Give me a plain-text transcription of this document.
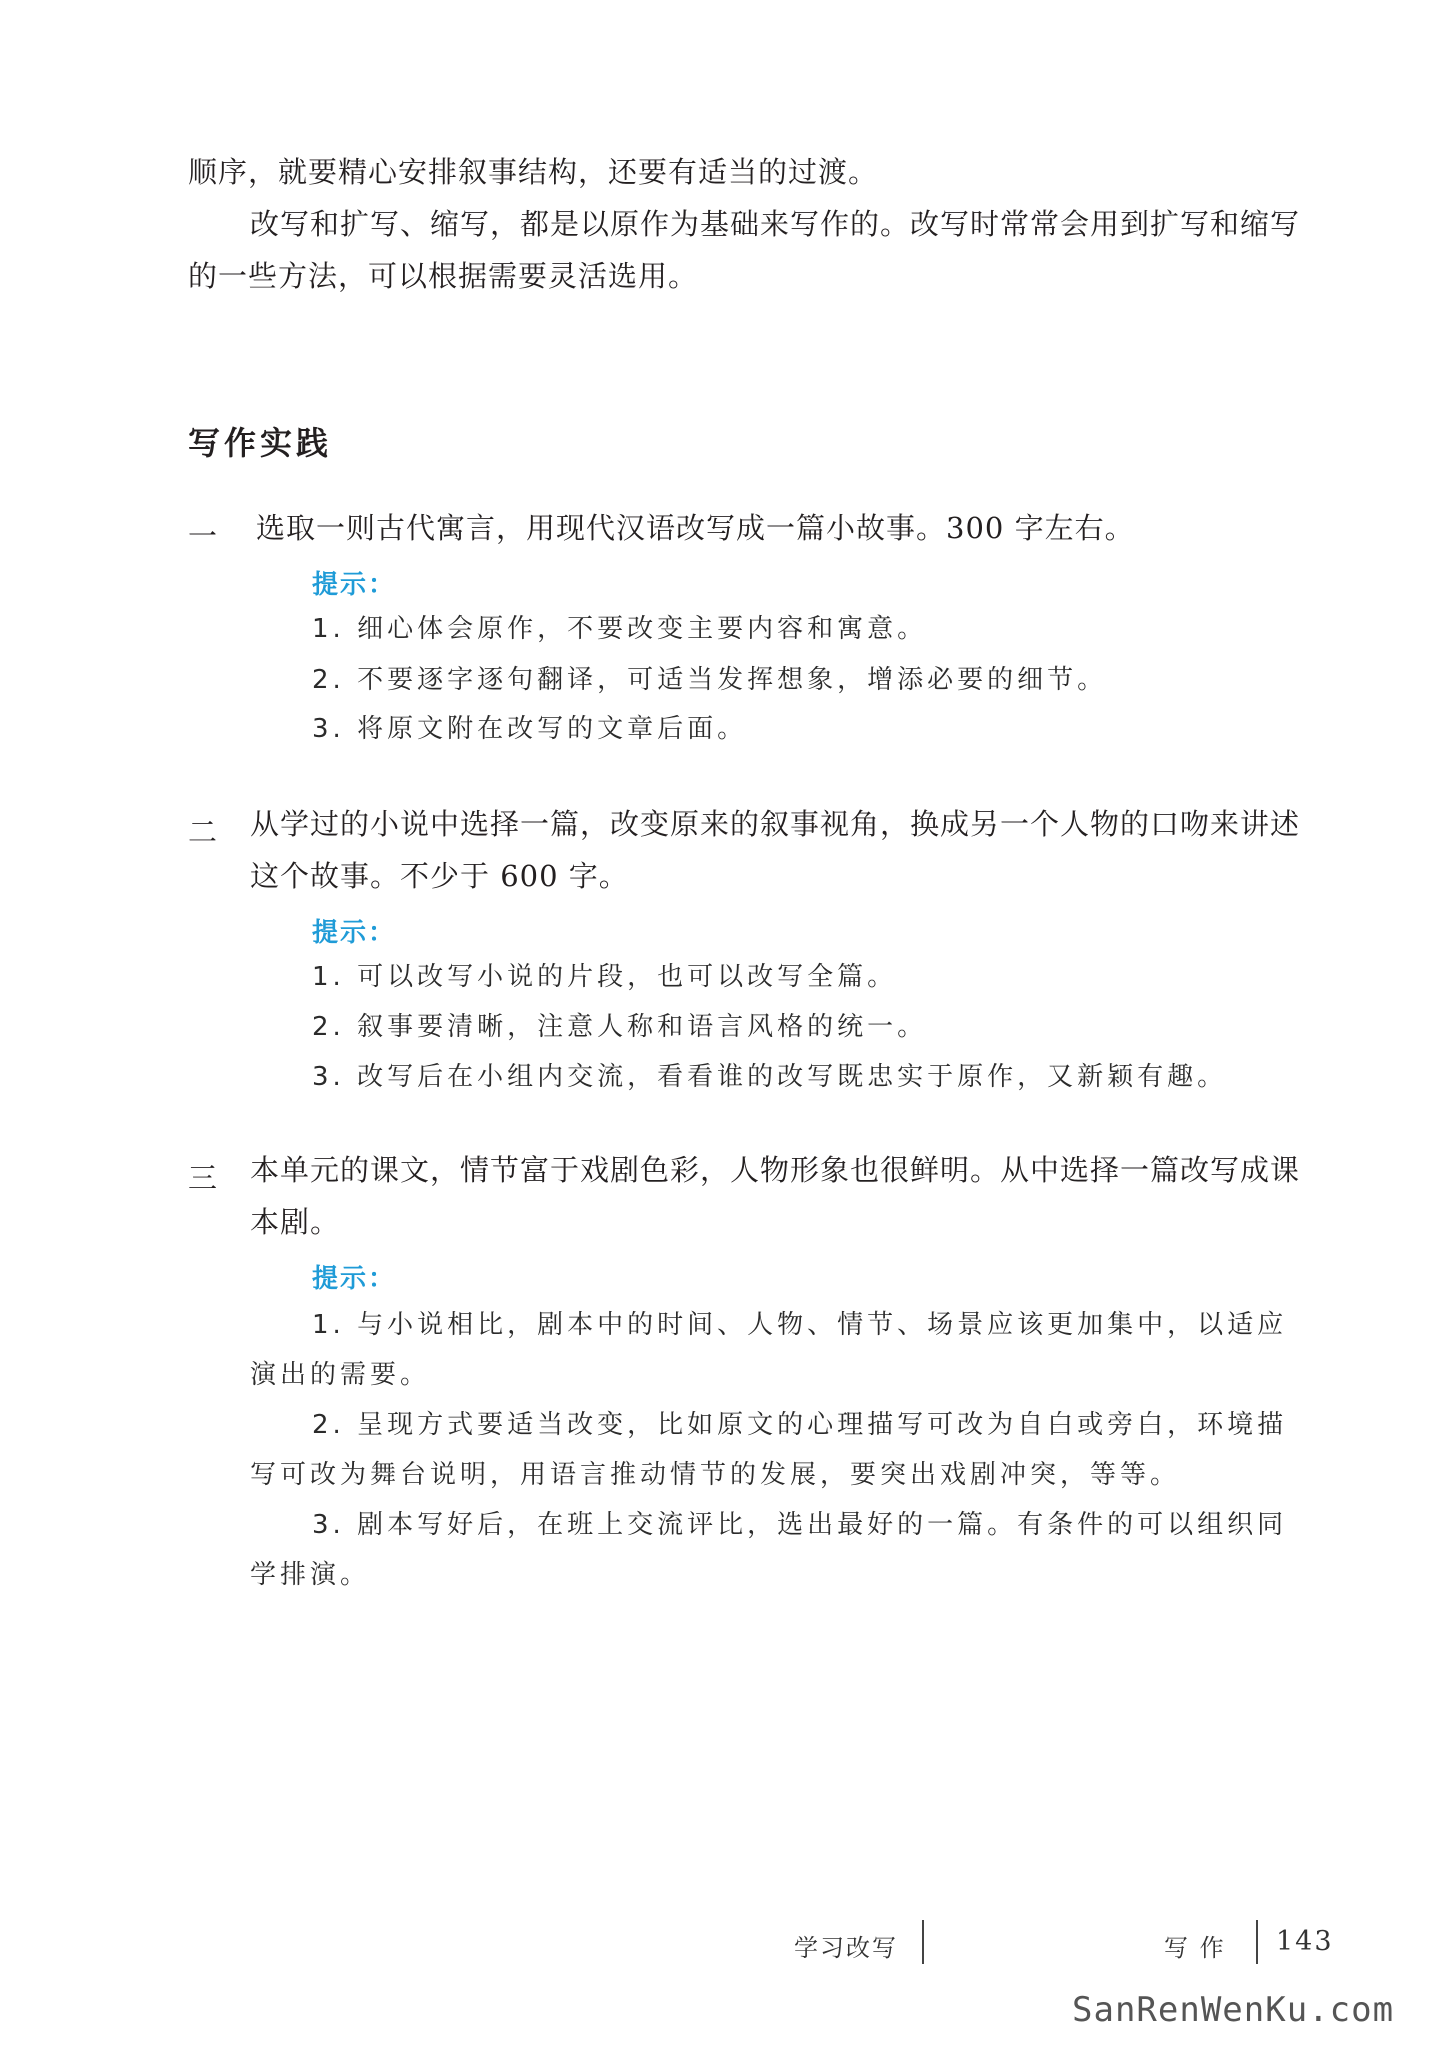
顺序，就要精心安排叙事结构，还要有适当的过渡。

改写和扩写、缩写，都是以原作为基础来写作的。改写时常常会用到扩写和缩写

的一些方法，可以根据需要灵活选用。

写作实践
一 选取一则古代寓言，用现代汉语改写成一篇小故事。300 字左右。

提示：

1. 细心体会原作，不要改变主要内容和寓意。

2. 不要逐字逐句翻译，可适当发挥想象，增添必要的细节。

3. 将原文附在改写的文章后面。

二 从学过的小说中选择一篇，改变原来的叙事视角，换成另一个人物的口吻来讲述

这个故事。不少于 600 字。

提示：

1. 可以改写小说的片段，也可以改写全篇。

2. 叙事要清晰，注意人称和语言风格的统一。

3. 改写后在小组内交流，看看谁的改写既忠实于原作，又新颖有趣。

三 本单元的课文，情节富于戏剧色彩，人物形象也很鲜明。从中选择一篇改写成课

本剧。

提示：

1. 与小说相比，剧本中的时间、人物、情节、场景应该更加集中，以适应

演出的需要。

2. 呈现方式要适当改变，比如原文的心理描写可改为自白或旁白，环境描

写可改为舞台说明，用语言推动情节的发展，要突出戏剧冲突，等等。

3. 剧本写好后，在班上交流评比，选出最好的一篇。有条件的可以组织同

学排演。

学习改写	写 作 143
SanRenWenKu.com
